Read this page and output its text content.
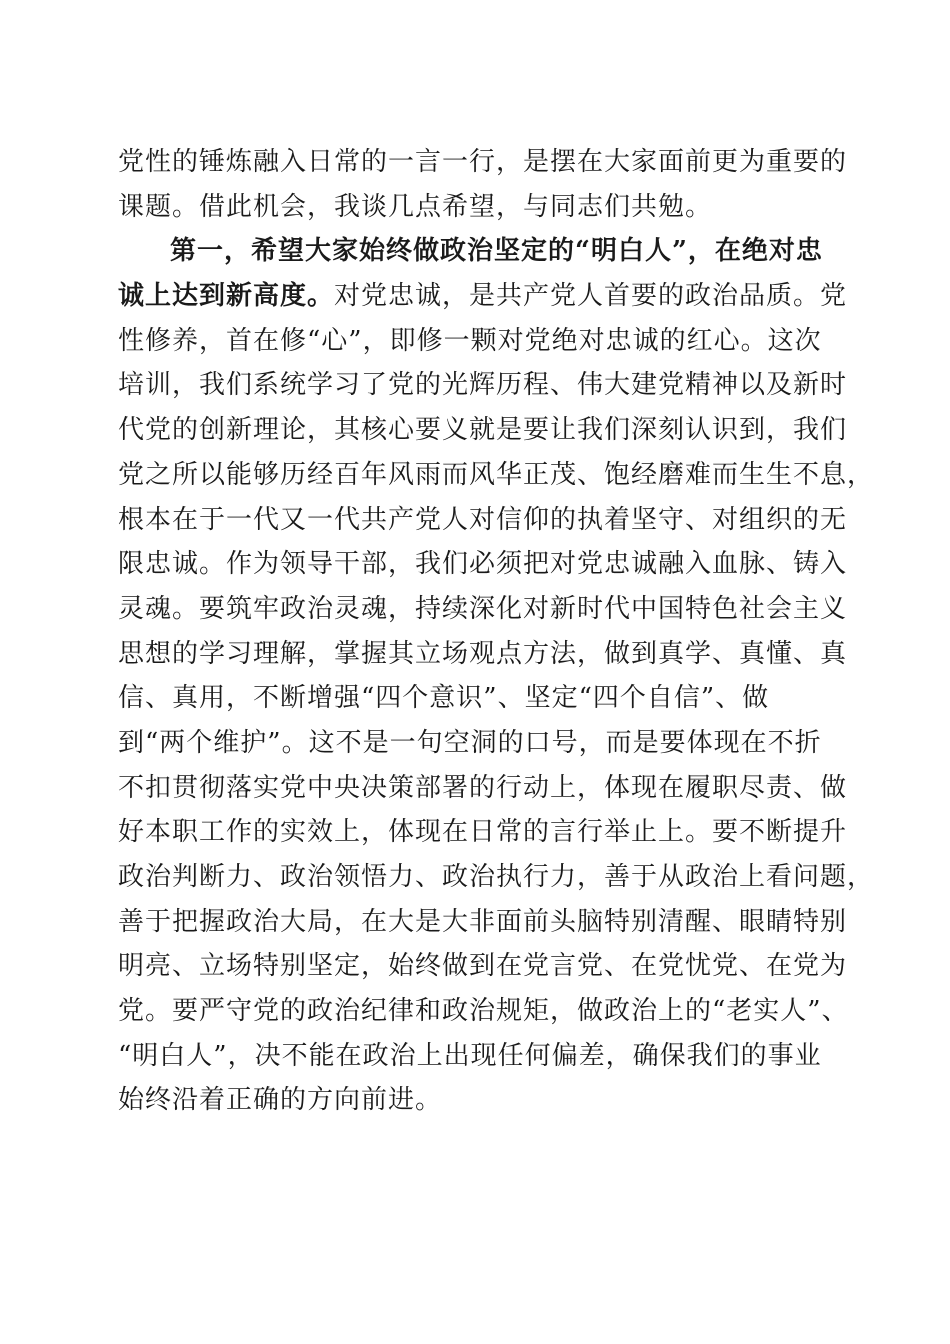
党性的锤炼融入日常的一言一行，是摆在大家面前更为重要的
课题。借此机会，我谈几点希望，与同志们共勉。
第一，希望大家始终做政治坚定的“明白人”，在绝对忠
诚上达到新高度。对党忠诚，是共产党人首要的政治品质。党
性修养，首在修“心”，即修一颗对党绝对忠诚的红心。这次
培训，我们系统学习了党的光辉历程、伟大建党精神以及新时
代党的创新理论，其核心要义就是要让我们深刻认识到，我们
党之所以能够历经百年风雨而风华正茂、饱经磨难而生生不息，
根本在于一代又一代共产党人对信仰的执着坚守、对组织的无
限忠诚。作为领导干部，我们必须把对党忠诚融入血脉、铸入
灵魂。要筑牢政治灵魂，持续深化对新时代中国特色社会主义
思想的学习理解，掌握其立场观点方法，做到真学、真懂、真
信、真用，不断增强“四个意识”、坚定“四个自信”、做
到“两个维护”。这不是一句空洞的口号，而是要体现在不折
不扣贯彻落实党中央决策部署的行动上，体现在履职尽责、做
好本职工作的实效上，体现在日常的言行举止上。要不断提升
政治判断力、政治领悟力、政治执行力，善于从政治上看问题，
善于把握政治大局，在大是大非面前头脑特别清醒、眼睛特别
明亮、立场特别坚定，始终做到在党言党、在党忧党、在党为
党。要严守党的政治纪律和政治规矩，做政治上的“老实人”、
“明白人”，决不能在政治上出现任何偏差，确保我们的事业
始终沿着正确的方向前进。
